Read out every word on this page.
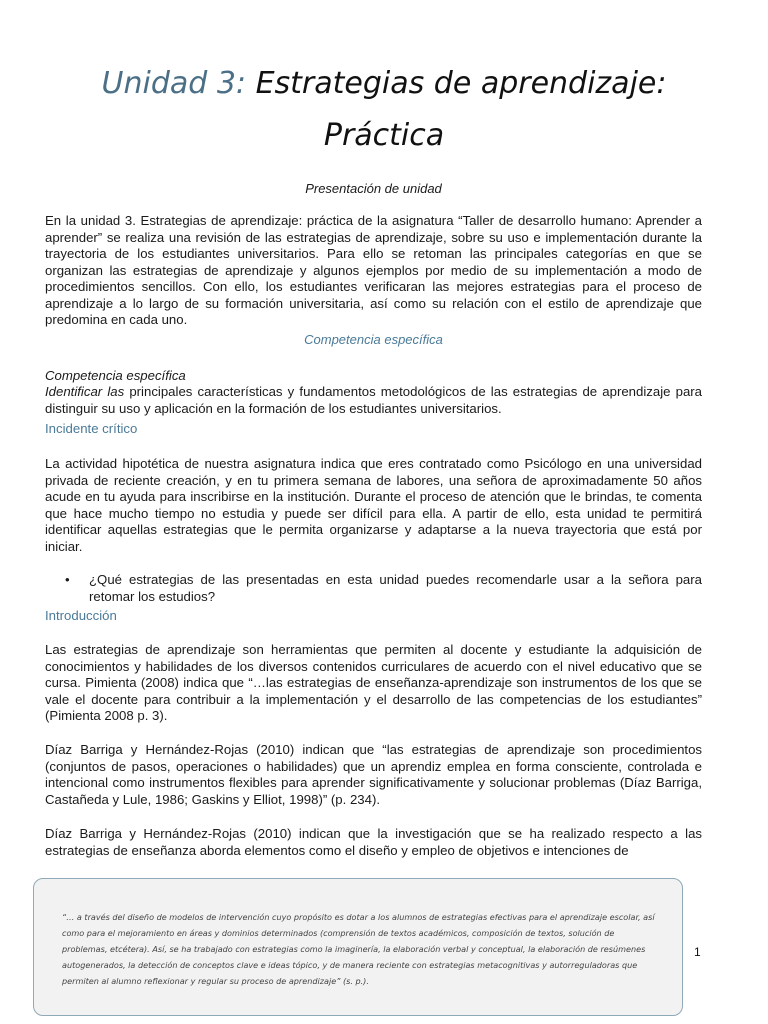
Unidad 3: Estrategias de aprendizaje:
Práctica
Presentación de unidad

En la unidad 3. Estrategias de aprendizaje: práctica de la asignatura “Taller de desarrollo humano: Aprender a aprender” se realiza una revisión de las estrategias de aprendizaje, sobre su uso e implementación durante la trayectoria de los estudiantes universitarios. Para ello se retoman las principales categorías en que se organizan las estrategias de aprendizaje y algunos ejemplos por medio de su implementación a modo de procedimientos sencillos. Con ello, los estudiantes verificaran las mejores estrategias para el proceso de aprendizaje a lo largo de su formación universitaria, así como su relación con el estilo de aprendizaje que predomina en cada uno.

Competencia específica
Competencia específica

Identificar las principales características y fundamentos metodológicos de las estrategias de aprendizaje para distinguir su uso y aplicación en la formación de los estudiantes universitarios.

Incidente crítico

La actividad hipotética de nuestra asignatura indica que eres contratado como Psicólogo en una universidad privada de reciente creación, y en tu primera semana de labores, una señora de aproximadamente 50 años acude en tu ayuda para inscribirse en la institución. Durante el proceso de atención que le brindas, te comenta que hace mucho tiempo no estudia y puede ser difícil para ella. A partir de ello, esta unidad te permitirá identificar aquellas estrategias que le permita organizarse y adaptarse a la nueva trayectoria que está por iniciar.

• ¿Qué estrategias de las presentadas en esta unidad puedes recomendarle usar a la señora para retomar los estudios?
Introducción

Las estrategias de aprendizaje son herramientas que permiten al docente y estudiante la adquisición de conocimientos y habilidades de los diversos contenidos curriculares de acuerdo con el nivel educativo que se cursa. Pimienta (2008) indica que “…las estrategias de enseñanza-aprendizaje son instrumentos de los que se vale el docente para contribuir a la implementación y el desarrollo de las competencias de los estudiantes” (Pimienta 2008 p. 3).

Díaz Barriga y Hernández-Rojas (2010) indican que “las estrategias de aprendizaje son procedimientos (conjuntos de pasos, operaciones o habilidades) que un aprendiz emplea en forma consciente, controlada e intencional como instrumentos flexibles para aprender significativamente y solucionar problemas (Díaz Barriga, Castañeda y Lule, 1986; Gaskins y Elliot, 1998)” (p. 234).

Díaz Barriga y Hernández-Rojas (2010) indican que la investigación que se ha realizado respecto a las estrategias de enseñanza aborda elementos como el diseño y empleo de objetivos e intenciones de

“… a través del diseño de modelos de intervención cuyo propósito es dotar a los alumnos de estrategias efectivas para el aprendizaje escolar, así como para el mejoramiento en áreas y dominios determinados (comprensión de textos académicos, composición de textos, solución de problemas, etcétera). Así, se ha trabajado con estrategias como la imaginería, la elaboración verbal y conceptual, la elaboración de resúmenes autogenerados, la detección de conceptos clave e ideas tópico, y de manera reciente con estrategias metacognitivas y autorreguladoras que permiten al alumno reflexionar y regular su proceso de aprendizaje” (s. p.).
1
